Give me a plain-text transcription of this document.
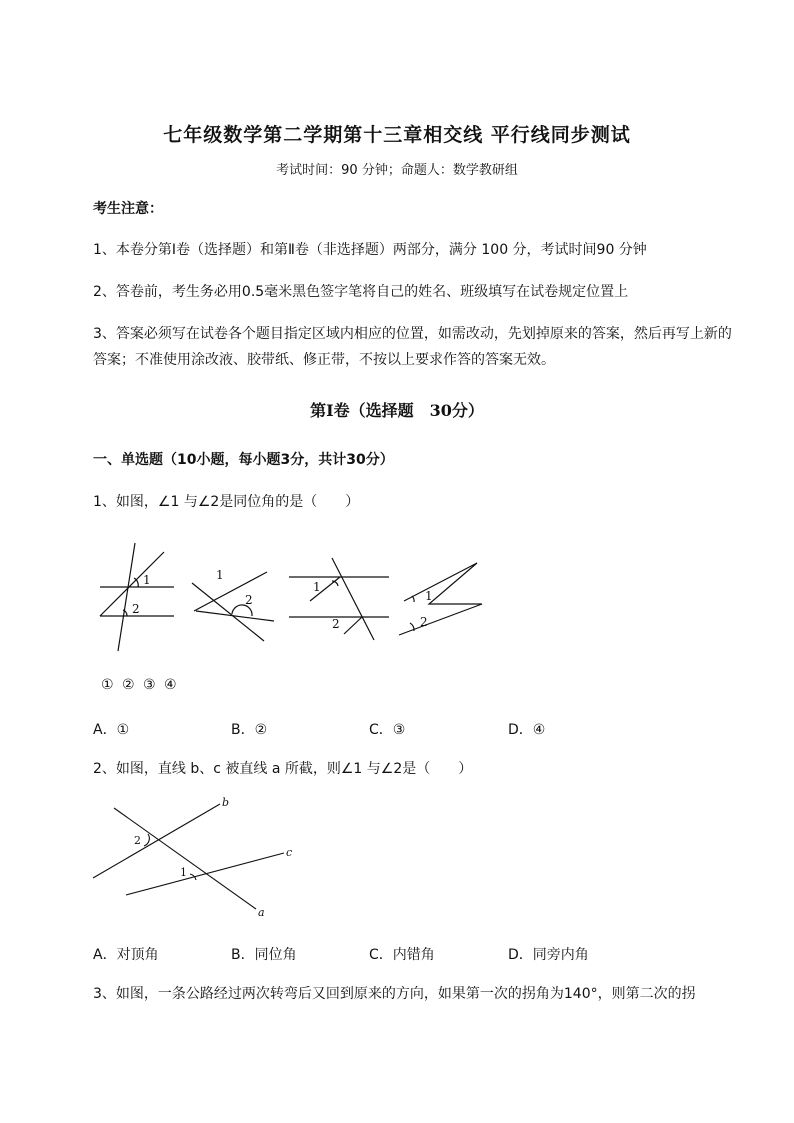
七年级数学第二学期第十三章相交线 平行线同步测试
考试时间：90 分钟；命题人：数学教研组
考生注意：
1、本卷分第Ⅰ卷（选择题）和第Ⅱ卷（非选择题）两部分，满分 100 分，考试时间90 分钟
2、答卷前，考生务必用0.5毫米黑色签字笔将自己的姓名、班级填写在试卷规定位置上
3、答案必须写在试卷各个题目指定区域内相应的位置，如需改动，先划掉原来的答案，然后再写上新的答案；不准使用涂改液、胶带纸、修正带，不按以上要求作答的答案无效。
第Ⅰ卷（选择题　30分）
一、单选题（10小题，每小题3分，共计30分）
1、如图，∠1 与∠2是同位角的是（　　）
1
2
1
2
1
2
1
2
① ② ③ ④
A．①	B．②	C．③	D．④
2、如图，直线 b、c 被直线 a 所截，则∠1 与∠2是（　　）
b
c
a
2
1
A．对顶角	B．同位角	C．内错角	D．同旁内角
3、如图，一条公路经过两次转弯后又回到原来的方向，如果第一次的拐角为140°，则第二次的拐
